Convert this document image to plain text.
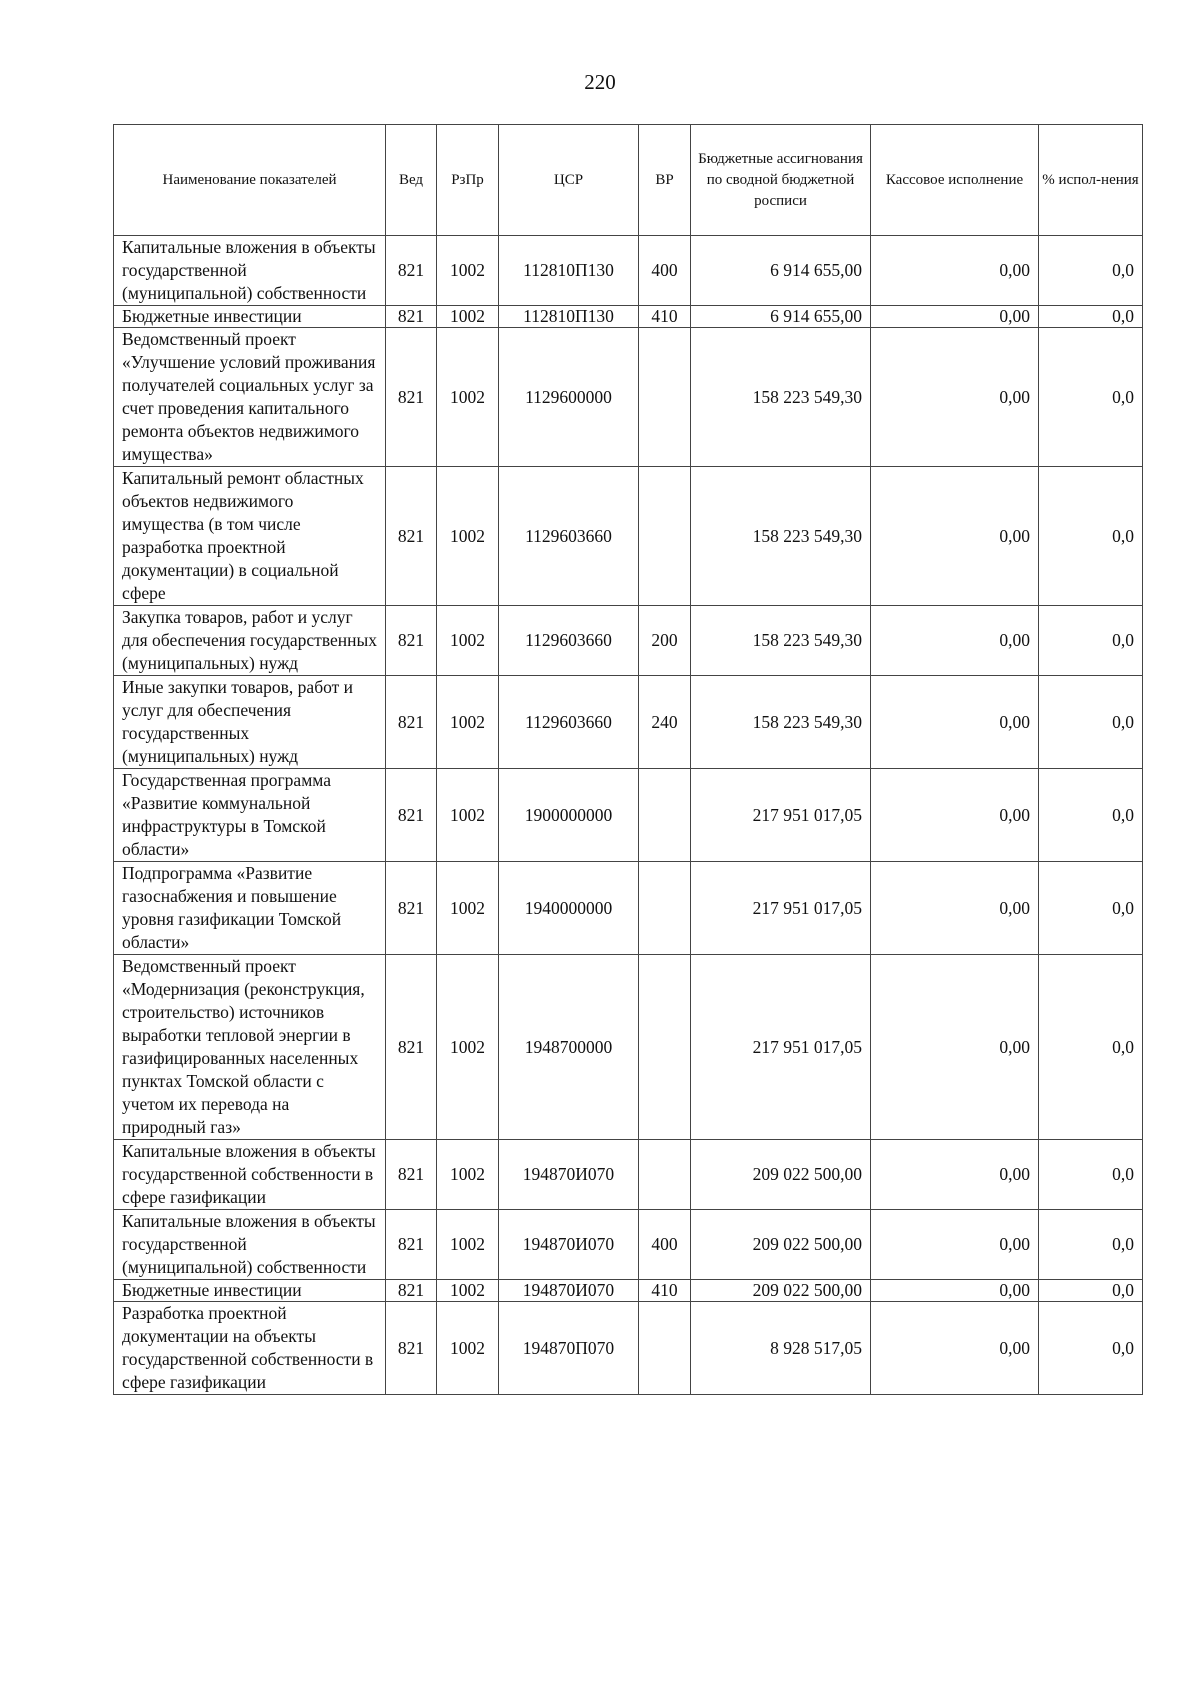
220
Наименование показателей	Вед	РзПр	ЦСР	ВР	Бюджетные ассигнования по сводной бюджетной росписи	Кассовое исполнение	% испол-нения
Капитальные вложения в объекты государственной (муниципальной) собственности	821	1002	112810П130	400	6 914 655,00	0,00	0,0
Бюджетные инвестиции	821	1002	112810П130	410	6 914 655,00	0,00	0,0
Ведомственный проект «Улучшение условий проживания получателей социальных услуг за счет проведения капитального ремонта объектов недвижимого имущества»	821	1002	1129600000		158 223 549,30	0,00	0,0
Капитальный ремонт областных объектов недвижимого имущества (в том числе разработка проектной документации) в социальной сфере	821	1002	1129603660		158 223 549,30	0,00	0,0
Закупка товаров, работ и услуг для обеспечения государственных (муниципальных) нужд	821	1002	1129603660	200	158 223 549,30	0,00	0,0
Иные закупки товаров, работ и услуг для обеспечения государственных (муниципальных) нужд	821	1002	1129603660	240	158 223 549,30	0,00	0,0
Государственная программа «Развитие коммунальной инфраструктуры в Томской области»	821	1002	1900000000		217 951 017,05	0,00	0,0
Подпрограмма «Развитие газоснабжения и повышение уровня газификации Томской области»	821	1002	1940000000		217 951 017,05	0,00	0,0
Ведомственный проект «Модернизация (реконструкция, строительство) источников выработки тепловой энергии в газифицированных населенных пунктах Томской области с учетом их перевода на природный газ»	821	1002	1948700000		217 951 017,05	0,00	0,0
Капитальные вложения в объекты государственной собственности в сфере газификации	821	1002	194870И070		209 022 500,00	0,00	0,0
Капитальные вложения в объекты государственной (муниципальной) собственности	821	1002	194870И070	400	209 022 500,00	0,00	0,0
Бюджетные инвестиции	821	1002	194870И070	410	209 022 500,00	0,00	0,0
Разработка проектной документации на объекты государственной собственности в сфере газификации	821	1002	194870П070		8 928 517,05	0,00	0,0
